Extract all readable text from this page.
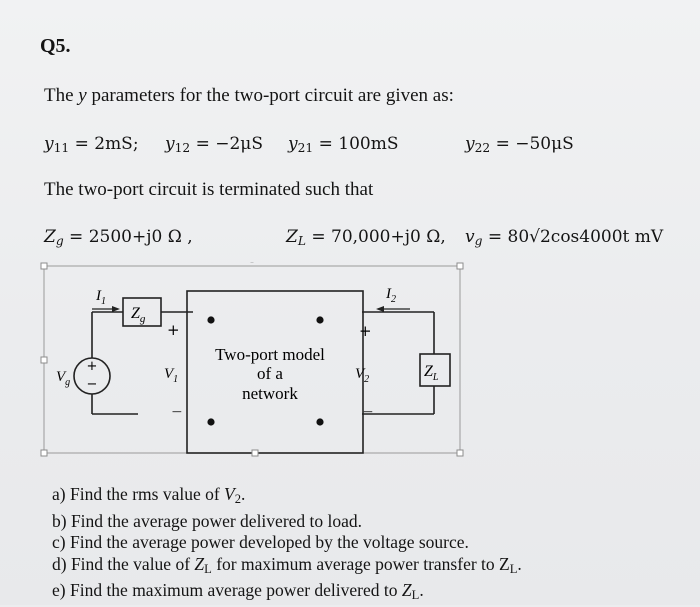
Q5.
The y parameters for the two-port circuit are given as:
$y_{11} = 2mS$; $y_{12} = -2\mu S$ $y_{21} = 100mS$	$y_{22} = -50\mu S$
The two-port circuit is terminated such that
$Z_g = 2500+j0$ Ω ,	$Z_L = 70,000+j0$ Ω, $v_g = 80√2\cos 4000t$ mV
+
−
$V_g$
$Z_g$
$I_1$	$I_2$
+
$V_1$
−
Two-port model
of a
network
+
$V_2$
−
$Z_L$
a) Find the rms value of $V_2$.
b) Find the average power delivered to load.
c) Find the average power developed by the voltage source.
d) Find the value of $Z_L$ for maximum average power transfer to $Z_L$.
e) Find the maximum average power delivered to $Z_L$.
